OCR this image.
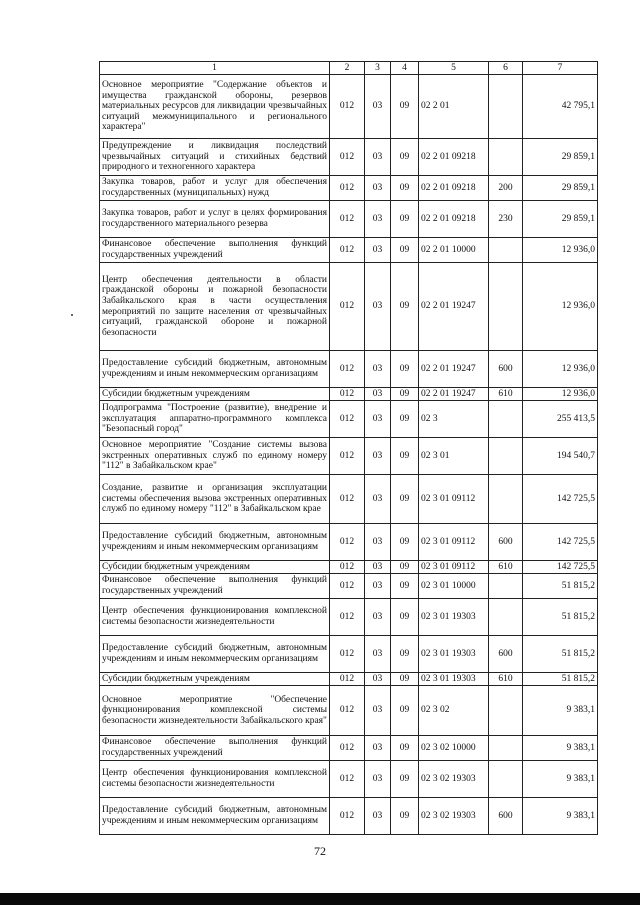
1	2	3	4	5	6	7
Основное мероприятие "Содержание объектов и имущества гражданской обороны, резервов материальных ресурсов для ликвидации чрезвычайных ситуаций межмуниципального и регионального характера"	012	03	09	02 2 01		42 795,1
Предупреждение и ликвидация последствий чрезвычайных ситуаций и стихийных бедствий природного и техногенного характера	012	03	09	02 2 01 09218		29 859,1
Закупка товаров, работ и услуг для обеспечения государственных (муниципальных) нужд	012	03	09	02 2 01 09218	200	29 859,1
Закупка товаров, работ и услуг в целях формирования государственного материального резерва	012	03	09	02 2 01 09218	230	29 859,1
Финансовое обеспечение выполнения функций государственных учреждений	012	03	09	02 2 01 10000		12 936,0
Центр обеспечения деятельности в области гражданской обороны и пожарной безопасности Забайкальского края в части осуществления мероприятий по защите населения от чрезвычайных ситуаций, гражданской обороне и пожарной безопасности	012	03	09	02 2 01 19247		12 936,0
Предоставление субсидий бюджетным, автономным учреждениям и иным некоммерческим организациям	012	03	09	02 2 01 19247	600	12 936,0
Субсидии бюджетным учреждениям	012	03	09	02 2 01 19247	610	12 936,0
Подпрограмма "Построение (развитие), внедрение и эксплуатация аппаратно-программного комплекса "Безопасный город"	012	03	09	02 3		255 413,5
Основное мероприятие "Создание системы вызова экстренных оперативных служб по единому номеру "112" в Забайкальском крае"	012	03	09	02 3 01		194 540,7
Создание, развитие и организация эксплуатации системы обеспечения вызова экстренных оперативных служб по единому номеру "112" в Забайкальском крае	012	03	09	02 3 01 09112		142 725,5
Предоставление субсидий бюджетным, автономным учреждениям и иным некоммерческим организациям	012	03	09	02 3 01 09112	600	142 725,5
Субсидии бюджетным учреждениям	012	03	09	02 3 01 09112	610	142 725,5
Финансовое обеспечение выполнения функций государственных учреждений	012	03	09	02 3 01 10000		51 815,2
Центр обеспечения функционирования комплексной системы безопасности жизнедеятельности	012	03	09	02 3 01 19303		51 815,2
Предоставление субсидий бюджетным, автономным учреждениям и иным некоммерческим организациям	012	03	09	02 3 01 19303	600	51 815,2
Субсидии бюджетным учреждениям	012	03	09	02 3 01 19303	610	51 815,2
Основное мероприятие "Обеспечение функционирования комплексной системы безопасности жизнедеятельности Забайкальского края"	012	03	09	02 3 02		9 383,1
Финансовое обеспечение выполнения функций государственных учреждений	012	03	09	02 3 02 10000		9 383,1
Центр обеспечения функционирования комплексной системы безопасности жизнедеятельности	012	03	09	02 3 02 19303		9 383,1
Предоставление субсидий бюджетным, автономным учреждениям и иным некоммерческим организациям	012	03	09	02 3 02 19303	600	9 383,1
72
